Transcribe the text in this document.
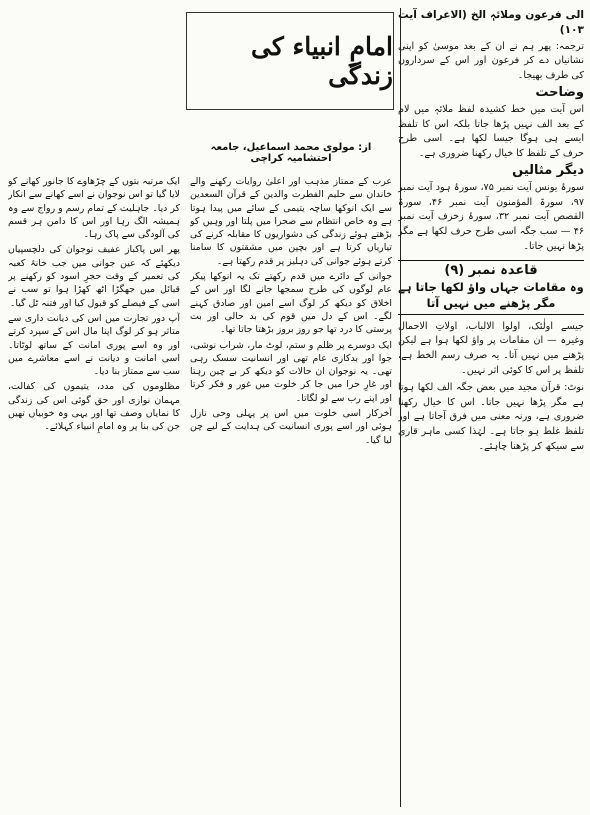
الی فرعون وملائہٖ الخ (الاعراف آیت ۱۰۳)

ترجمہ: پھر ہم نے ان کے بعد موسیٰ کو اپنی نشانیاں دے کر فرعون اور اس کے سرداروں کی طرف بھیجا۔

وضاحت

اس آیت میں خط کشیدہ لفظ ملائہٖ میں لام کے بعد الف نہیں پڑھا جاتا بلکہ اس کا تلفظ ایسے ہی ہوگا جیسا لکھا ہے۔ اسی طرح حرف کے تلفظ کا خیال رکھنا ضروری ہے۔

دیگر مثالیں

سورۂ یونس آیت نمبر ۷۵، سورۂ ہود آیت نمبر ۹۷، سورۃ المؤمنون آیت نمبر ۴۶، سورۃ القصص آیت نمبر ۳۲، سورۂ زخرف آیت نمبر ۴۶ — سب جگہ اسی طرح حرف لکھا ہے مگر پڑھا نہیں جاتا۔

قاعدہ نمبر (۹)
وہ مقامات جہاں واؤ لکھا جاتا ہے مگر پڑھنے میں نہیں آتا

جیسے اولٰئک، اولوا الالباب، اولاتِ الاحمال وغیرہ — ان مقامات پر واؤ لکھا ہوا ہے لیکن پڑھنے میں نہیں آتا۔ یہ صرف رسم الخط ہے، تلفظ پر اس کا کوئی اثر نہیں۔

نوٹ: قرآن مجید میں بعض جگہ الف لکھا ہوتا ہے مگر پڑھا نہیں جاتا۔ اس کا خیال رکھنا ضروری ہے، ورنہ معنی میں فرق آجاتا ہے اور تلفظ غلط ہو جاتا ہے۔ لہٰذا کسی ماہر قاری سے سیکھ کر پڑھنا چاہئے۔

امامِ انبیاء کی زندگی
از: مولوی محمد اسماعیل، جامعہ احتشامیہ کراچی

عرب کے ممتاز مذہب اور اعلیٰ روایات رکھنے والے خاندان سے حلیم الفطرت والدین کے قرآن السعدین سے ایک انوکھا ساچہ یتیمی کے سائے میں پیدا ہوتا ہے وہ خاص انتظام سے صحرا میں پلتا اور وہیں کو بڑھتے ہوئے زندگی کی دشواریوں کا مقابلہ کرنے کی تیاریاں کرتا ہے اور بچپن میں مشقتوں کا سامنا کرتے ہوئے جوانی کی دہلیز پر قدم رکھتا ہے۔

جوانی کے دائرے میں قدم رکھتے تک یہ انوکھا پیکر عام لوگوں کی طرح سمجھا جانے لگا اور اس کے اخلاق کو دیکھ کر لوگ اسے امین اور صادق کہنے لگے۔ اس کے دل میں قوم کی بد حالی اور بت پرستی کا درد تھا جو روز بروز بڑھتا جاتا تھا۔

ایک دوسرے پر ظلم و ستم، لوٹ مار، شراب نوشی، جوا اور بدکاری عام تھی اور انسانیت سسک رہی تھی۔ یہ نوجوان ان حالات کو دیکھ کر بے چین رہتا اور غارِ حرا میں جا کر خلوت میں غور و فکر کرتا اور اپنے رب سے لو لگاتا۔

آخرکار اسی خلوت میں اس پر پہلی وحی نازل ہوئی اور اسے پوری انسانیت کی ہدایت کے لیے چن لیا گیا۔

ایک مرتبہ بتوں کے چڑھاوے کا جانور کھانے کو لایا گیا تو اس نوجوان نے اسے کھانے سے انکار کر دیا۔ جاہلیت کے تمام رسم و رواج سے وہ ہمیشہ الگ رہا اور اس کا دامن ہر قسم کی آلودگی سے پاک رہا۔

پھر اس پاکباز عفیف نوجوان کی دلچسپیاں دیکھئے کہ عین جوانی میں جب خانۂ کعبہ کی تعمیر کے وقت حجرِ اسود کو رکھنے پر قبائل میں جھگڑا اٹھ کھڑا ہوا تو سب نے اسی کے فیصلے کو قبول کیا اور فتنہ ٹل گیا۔

آپ دور تجارت میں اس کی دیانت داری سے متاثر ہو کر لوگ اپنا مال اس کے سپرد کرتے اور وہ اسے پوری امانت کے ساتھ لوٹاتا۔ اسی امانت و دیانت نے اسے معاشرے میں سب سے ممتاز بنا دیا۔

مظلوموں کی مدد، یتیموں کی کفالت، مہمان نوازی اور حق گوئی اس کی زندگی کا نمایاں وصف تھا اور یہی وہ خوبیاں تھیں جن کی بنا پر وہ امامِ انبیاء کہلائے۔
